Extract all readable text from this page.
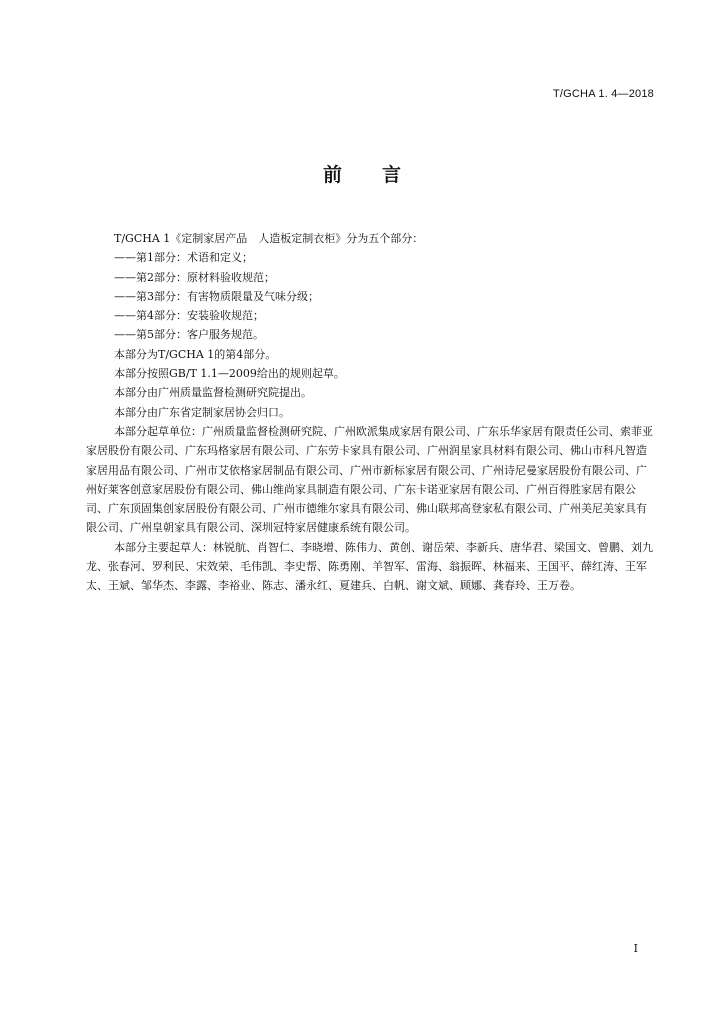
T/GCHA 1. 4—2018
前 言

T/GCHA 1《定制家居产品　人造板定制衣柜》分为五个部分：

——第1部分：术语和定义；

——第2部分：原材料验收规范；

——第3部分：有害物质限量及气味分级；

——第4部分：安装验收规范；

——第5部分：客户服务规范。

本部分为T/GCHA 1的第4部分。

本部分按照GB/T 1.1—2009给出的规则起草。

本部分由广州质量监督检测研究院提出。

本部分由广东省定制家居协会归口。

本部分起草单位：广州质量监督检测研究院、广州欧派集成家居有限公司、广东乐华家居有限责任公司、索菲亚家居股份有限公司、广东玛格家居有限公司、广东劳卡家具有限公司、广州润星家具材料有限公司、佛山市科凡智造家居用品有限公司、广州市艾依格家居制品有限公司、广州市新标家居有限公司、广州诗尼曼家居股份有限公司、广州好莱客创意家居股份有限公司、佛山维尚家具制造有限公司、广东卡诺亚家居有限公司、广州百得胜家居有限公司、广东顶固集创家居股份有限公司、广州市德维尔家具有限公司、佛山联邦高登家私有限公司、广州美尼美家具有限公司、广州皇朝家具有限公司、深圳冠特家居健康系统有限公司。

本部分主要起草人：林锐航、肖智仁、李晓增、陈伟力、黄创、谢岳荣、李新兵、唐华君、梁国文、曾鹏、刘九龙、张春河、罗利民、宋效荣、毛伟凯、李史帮、陈勇刚、羊智军、雷海、翁振晖、林福来、王国平、薛红涛、王军太、王斌、邹华杰、李露、李裕业、陈志、潘永红、夏建兵、白帆、谢文斌、顾娜、龚春玲、王万卷。

I
